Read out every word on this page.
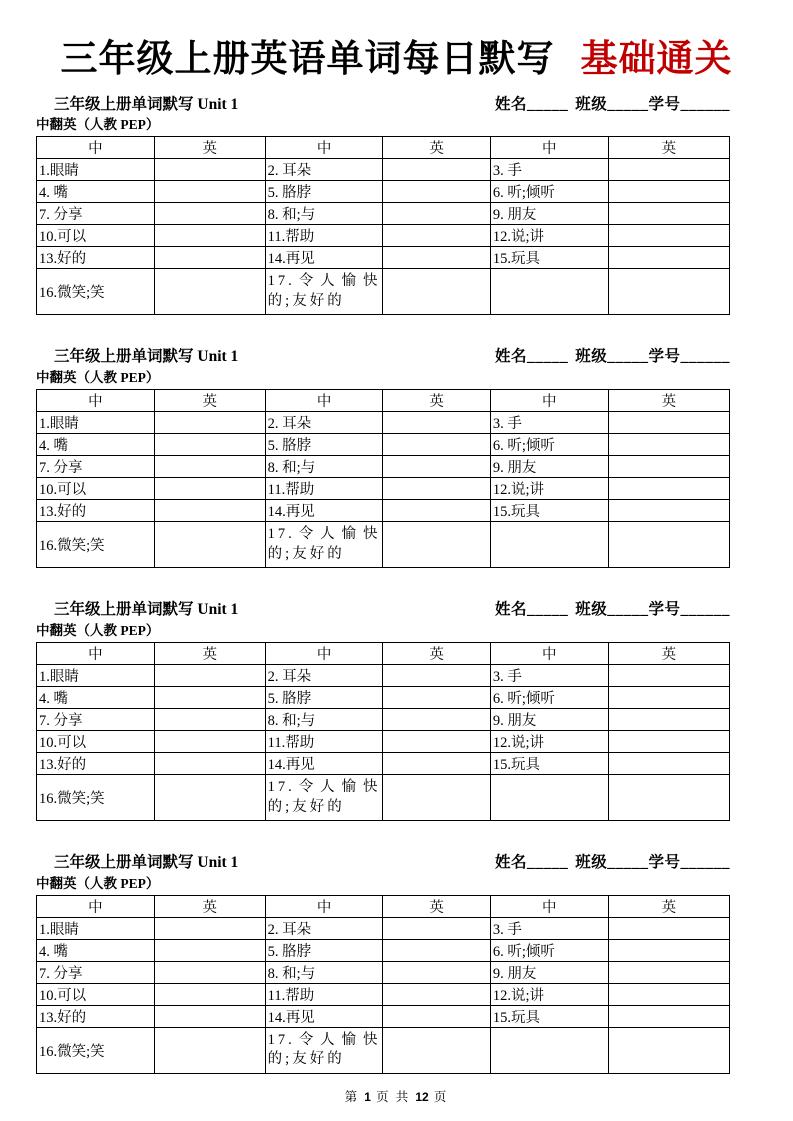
三年级上册英语单词每日默写 基础通关
三年级上册单词默写 Unit 1	姓名_____ 班级_____学号______
中翻英（人教 PEP）
中	英	中	英	中	英
1.眼睛		2. 耳朵		3. 手	
4. 嘴		5. 胳脖		6. 听;倾听	
7. 分享		8. 和;与		9. 朋友	
10.可以		11.帮助		12.说;讲	
13.好的		14.再见		15.玩具	
16.微笑;笑		17.令人愉快的;友好的			
三年级上册单词默写 Unit 1	姓名_____ 班级_____学号______
中翻英（人教 PEP）
中	英	中	英	中	英
1.眼睛		2. 耳朵		3. 手	
4. 嘴		5. 胳脖		6. 听;倾听	
7. 分享		8. 和;与		9. 朋友	
10.可以		11.帮助		12.说;讲	
13.好的		14.再见		15.玩具	
16.微笑;笑		17.令人愉快的;友好的			
三年级上册单词默写 Unit 1	姓名_____ 班级_____学号______
中翻英（人教 PEP）
中	英	中	英	中	英
1.眼睛		2. 耳朵		3. 手	
4. 嘴		5. 胳脖		6. 听;倾听	
7. 分享		8. 和;与		9. 朋友	
10.可以		11.帮助		12.说;讲	
13.好的		14.再见		15.玩具	
16.微笑;笑		17.令人愉快的;友好的			
三年级上册单词默写 Unit 1	姓名_____ 班级_____学号______
中翻英（人教 PEP）
中	英	中	英	中	英
1.眼睛		2. 耳朵		3. 手	
4. 嘴		5. 胳脖		6. 听;倾听	
7. 分享		8. 和;与		9. 朋友	
10.可以		11.帮助		12.说;讲	
13.好的		14.再见		15.玩具	
16.微笑;笑		17.令人愉快的;友好的			
第 1 页 共 12 页
